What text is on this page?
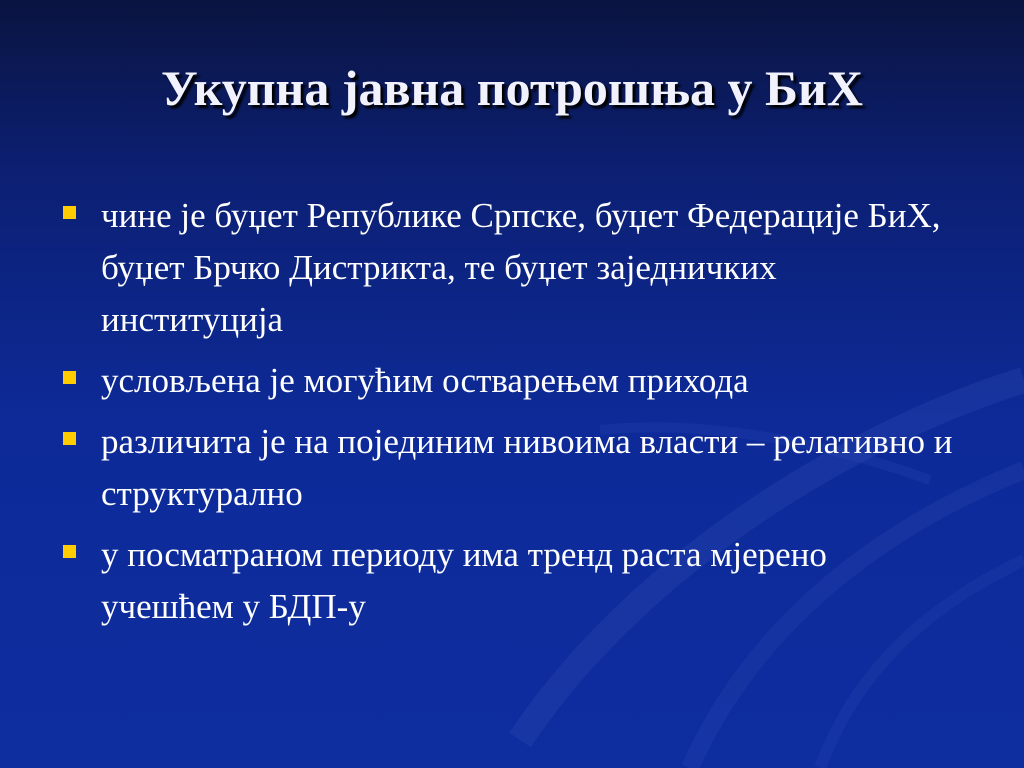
Укупна јавна потрошња у БиХ
чине је буџет Републике Српске, буџет Федерације БиХ, буџет Брчко Дистрикта, те буџет заједничких институција
условљена је могућим остварењем прихода
различита је на појединим нивоима власти – релативно и структурално
у посматраном периоду има тренд раста мјерено учешћем у БДП-у
